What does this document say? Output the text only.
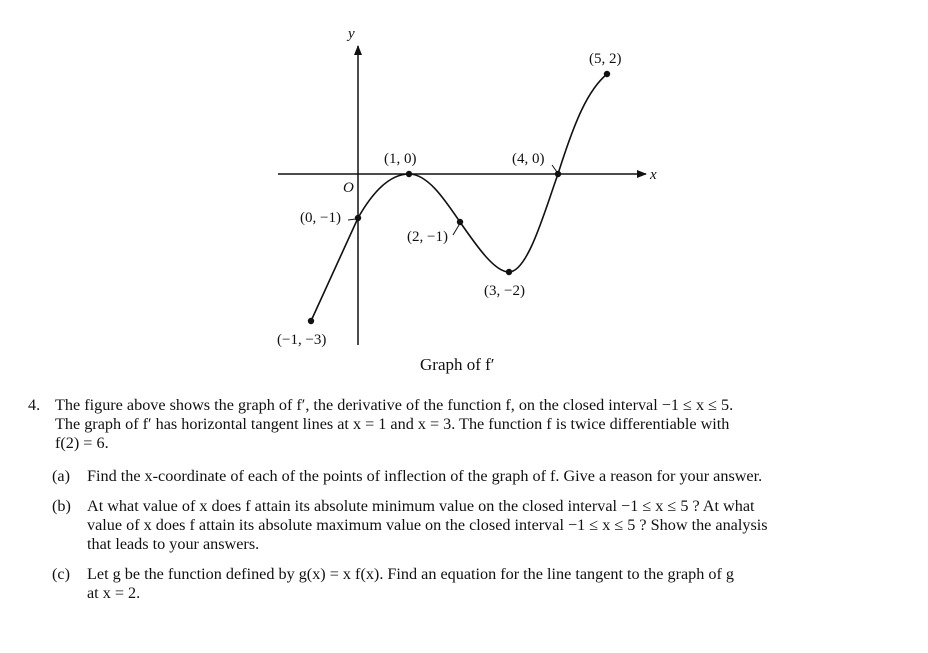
y
x
O
(−1, −3)
(0, −1)
(1, 0)
(2, −1)
(3, −2)
(4, 0)
(5, 2)
Graph of f′
4. The figure above shows the graph of f′, the derivative of the function f, on the closed interval −1 ≤ x ≤ 5.
The graph of f′ has horizontal tangent lines at x = 1 and x = 3. The function f is twice differentiable with
f(2) = 6.
(a) Find the x-coordinate of each of the points of inflection of the graph of f. Give a reason for your answer.
(b) At what value of x does f attain its absolute minimum value on the closed interval −1 ≤ x ≤ 5 ? At what
value of x does f attain its absolute maximum value on the closed interval −1 ≤ x ≤ 5 ? Show the analysis
that leads to your answers.
(c) Let g be the function defined by g(x) = x f(x). Find an equation for the line tangent to the graph of g
at x = 2.
